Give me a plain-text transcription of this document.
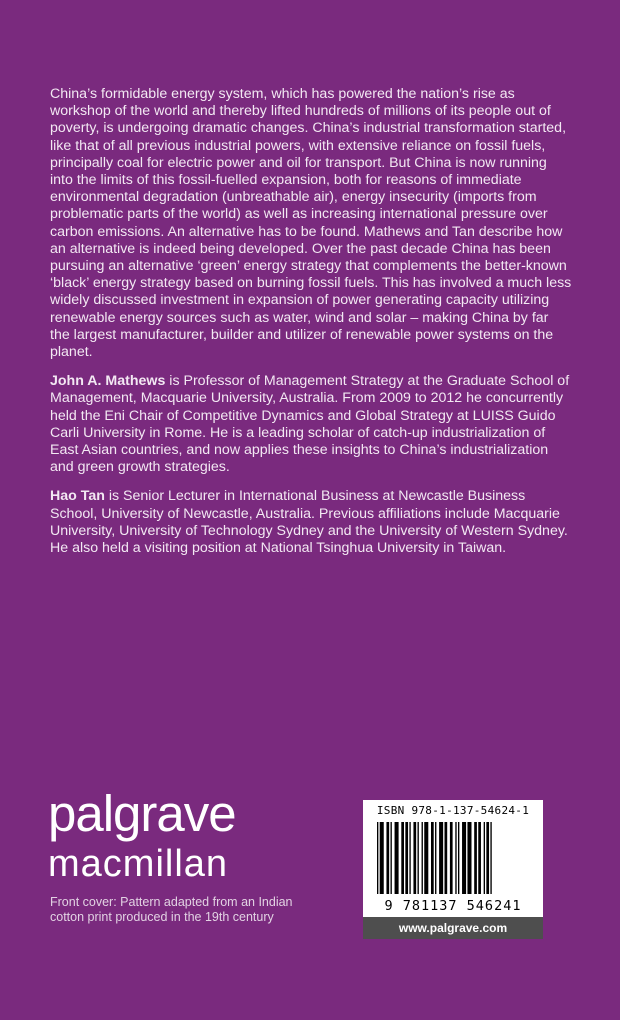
China’s formidable energy system, which has powered the nation’s rise as workshop of the world and thereby lifted hundreds of millions of its people out of poverty, is undergoing dramatic changes. China’s industrial transformation started, like that of all previous industrial powers, with extensive reliance on fossil fuels, principally coal for electric power and oil for transport. But China is now running into the limits of this fossil-fuelled expansion, both for reasons of immediate environmental degradation (unbreathable air), energy insecurity (imports from problematic parts of the world) as well as increasing international pressure over carbon emissions. An alternative has to be found. Mathews and Tan describe how an alternative is indeed being developed. Over the past decade China has been pursuing an alternative ‘green’ energy strategy that complements the better-known ‘black’ energy strategy based on burning fossil fuels. This has involved a much less widely discussed investment in expansion of power generating capacity utilizing renewable energy sources such as water, wind and solar – making China by far the largest manufacturer, builder and utilizer of renewable power systems on the planet.

John A. Mathews is Professor of Management Strategy at the Graduate School of Management, Macquarie University, Australia. From 2009 to 2012 he concurrently held the Eni Chair of Competitive Dynamics and Global Strategy at LUISS Guido Carli University in Rome. He is a leading scholar of catch-up industrialization of East Asian countries, and now applies these insights to China’s industrialization and green growth strategies.

Hao Tan is Senior Lecturer in International Business at Newcastle Business School, University of Newcastle, Australia. Previous affiliations include Macquarie University, University of Technology Sydney and the University of Western Sydney. He also held a visiting position at National Tsinghua University in Taiwan.

palgrave
macmillan
Front cover: Pattern adapted from an Indian cotton print produced in the 19th century
ISBN 978-1-137-54624-1
9 781137 546241
www.palgrave.com
